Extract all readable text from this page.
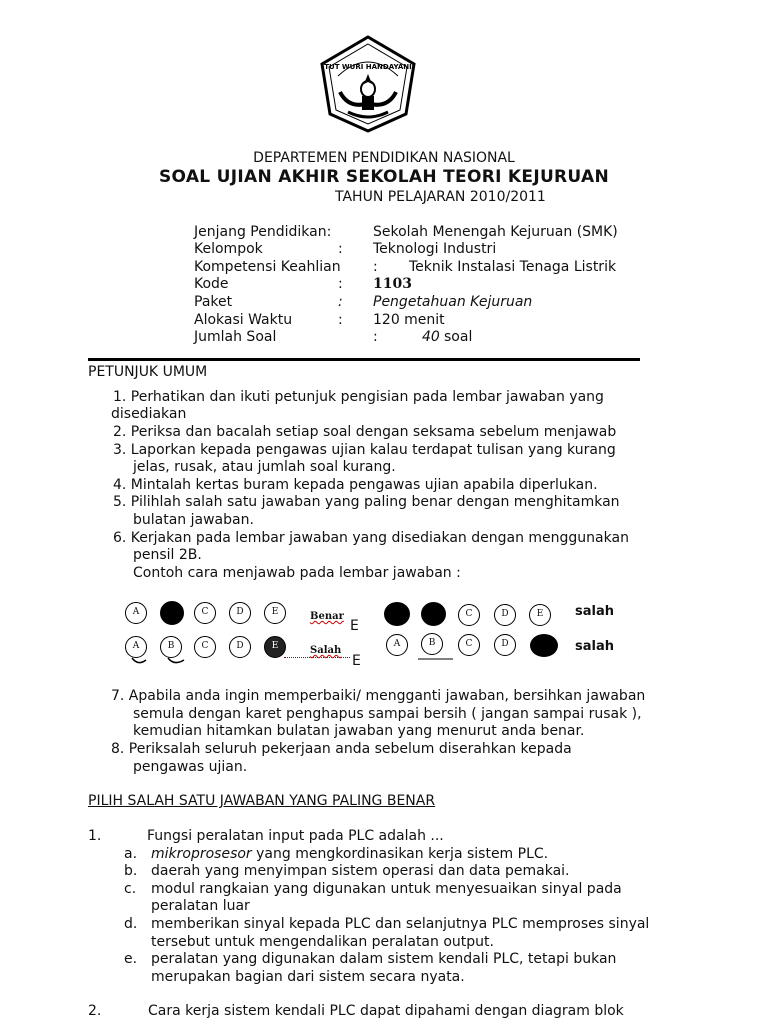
TUT WURI HANDAYANI
DEPARTEMEN PENDIDIKAN NASIONAL
SOAL UJIAN AKHIR SEKOLAH TEORI KEJURUAN
TAHUN PELAJARAN 2010/2011
Jenjang Pendidikan:	Sekolah Menengah Kejuruan (SMK)
Kelompok	: Teknologi Industri
Kompetensi Keahlian : Teknik Instalasi Tenaga Listrik
Kode	: 1103
Paket	: Pengetahuan Kejuruan
Alokasi Waktu	: 120 menit
Jumlah Soal	:	40 soal
PETUNJUK UMUM
1. Perhatikan dan ikuti petunjuk pengisian pada lembar jawaban yang
disediakan
2. Periksa dan bacalah setiap soal dengan seksama sebelum menjawab
3. Laporkan kepada pengawas ujian kalau terdapat tulisan yang kurang
jelas, rusak, atau jumlah soal kurang.
4. Mintalah kertas buram kepada pengawas ujian apabila diperlukan.
5. Pilihlah salah satu jawaban yang paling benar dengan menghitamkan
bulatan jawaban.
6. Kerjakan pada lembar jawaban yang disediakan dengan menggunakan
pensil 2B.
Contoh cara menjawab pada lembar jawaban :
A	C	D	E	Benar
E
C	D	E	salah
A	B	C	D	E	Salah
E
A	B	C	D	salah
7. Apabila anda ingin memperbaiki/ mengganti jawaban, bersihkan jawaban
semula dengan karet penghapus sampai bersih ( jangan sampai rusak ),
kemudian hitamkan bulatan jawaban yang menurut anda benar.
8. Periksalah seluruh pekerjaan anda sebelum diserahkan kepada
pengawas ujian.
PILIH SALAH SATU JAWABAN YANG PALING BENAR
1.	Fungsi peralatan input pada PLC adalah ...
a. mikroprosesor yang mengkordinasikan kerja sistem PLC.
b. daerah yang menyimpan sistem operasi dan data pemakai.
c. modul rangkaian yang digunakan untuk menyesuaikan sinyal pada
peralatan luar
d. memberikan sinyal kepada PLC dan selanjutnya PLC memproses sinyal
tersebut untuk mengendalikan peralatan output.
e. peralatan yang digunakan dalam sistem kendali PLC, tetapi bukan
merupakan bagian dari sistem secara nyata.
2.	Cara kerja sistem kendali PLC dapat dipahami dengan diagram blok
